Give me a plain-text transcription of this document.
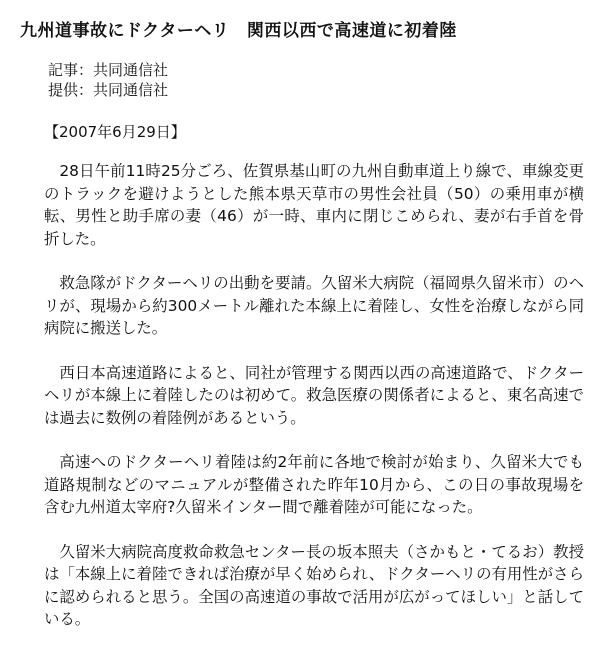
九州道事故にドクターヘリ　関西以西で高速道に初着陸
記事：共同通信社
提供：共同通信社
【2007年6月29日】

28日午前11時25分ごろ、佐賀県基山町の九州自動車道上り線で、車線変更のトラックを避けようとした熊本県天草市の男性会社員（50）の乗用車が横転、男性と助手席の妻（46）が一時、車内に閉じこめられ、妻が右手首を骨折した。

救急隊がドクターヘリの出動を要請。久留米大病院（福岡県久留米市）のヘリが、現場から約300メートル離れた本線上に着陸し、女性を治療しながら同病院に搬送した。

西日本高速道路によると、同社が管理する関西以西の高速道路で、ドクターヘリが本線上に着陸したのは初めて。救急医療の関係者によると、東名高速では過去に数例の着陸例があるという。

高速へのドクターヘリ着陸は約2年前に各地で検討が始まり、久留米大でも道路規制などのマニュアルが整備された昨年10月から、この日の事故現場を含む九州道太宰府?久留米インター間で離着陸が可能になった。

久留米大病院高度救命救急センター長の坂本照夫（さかもと・てるお）教授は「本線上に着陸できれば治療が早く始められ、ドクターヘリの有用性がさらに認められると思う。全国の高速道の事故で活用が広がってほしい」と話している。
